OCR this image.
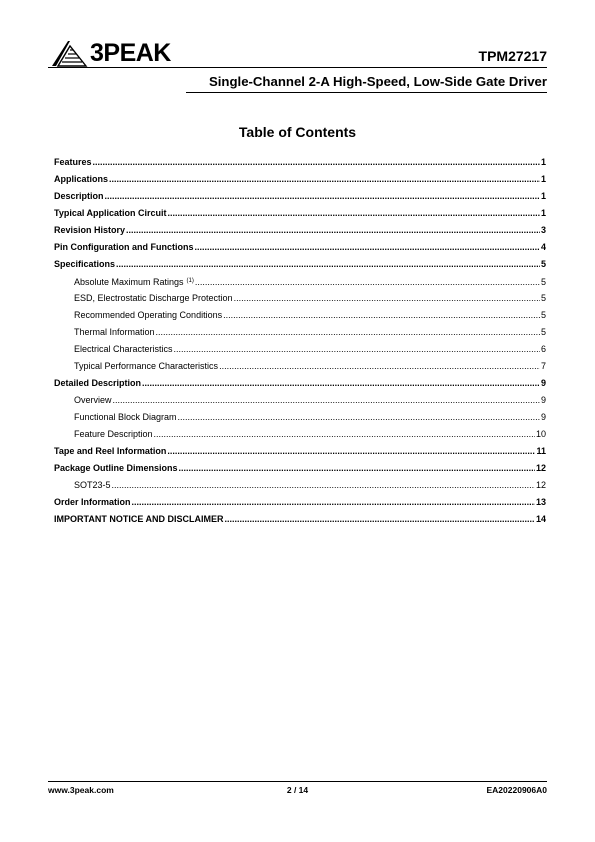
3PEAK	TPM27217
Single-Channel 2-A High-Speed, Low-Side Gate Driver
Table of Contents
Features .....	1
Applications .....	1
Description .....	1
Typical Application Circuit .....	1
Revision History .....	3
Pin Configuration and Functions .....	4
Specifications .....	5
Absolute Maximum Ratings $^{(1)}$ .....	5
ESD, Electrostatic Discharge Protection .....	5
Recommended Operating Conditions .....	5
Thermal Information .....	5
Electrical Characteristics .....	6
Typical Performance Characteristics .....	7
Detailed Description .....	9
Overview .....	9
Functional Block Diagram .....	9
Feature Description .....	10
Tape and Reel Information .....	11
Package Outline Dimensions .....	12
SOT23-5 .....	12
Order Information .....	13
IMPORTANT NOTICE AND DISCLAIMER .....	14
www.3peak.com	2 / 14	EA20220906A0
